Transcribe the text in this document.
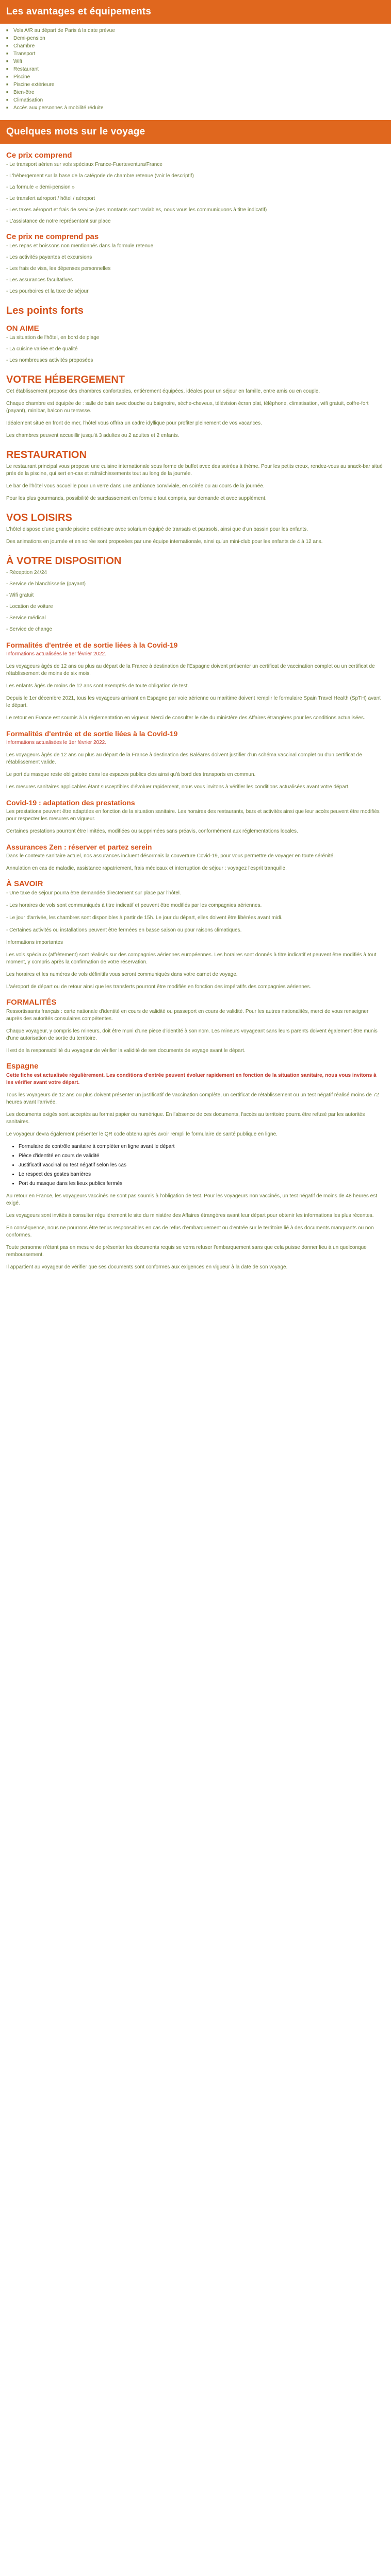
Les avantages et équipements
■ Vols A/R au départ de Paris à la date prévue
■ Demi-pension
■ Chambre
■ Transport
■ Wifi
■ Restaurant
■ Piscine
■ Piscine extérieure
■ Bien-être
■ Climatisation
■ Accès aux personnes à mobilité réduite
Quelques mots sur le voyage
Ce prix comprend

- Le transport aérien sur vols spéciaux France-Fuerteventura/France

- L'hébergement sur la base de la catégorie de chambre retenue (voir le descriptif)

- La formule « demi-pension »

- Le transfert aéroport / hôtel / aéroport

- Les taxes aéroport et frais de service (ces montants sont variables, nous vous les communiquons à titre indicatif)

- L'assistance de notre représentant sur place

Ce prix ne comprend pas

- Les repas et boissons non mentionnés dans la formule retenue

- Les activités payantes et excursions

- Les frais de visa, les dépenses personnelles

- Les assurances facultatives

- Les pourboires et la taxe de séjour

Les points forts
ON AIME

- La situation de l'hôtel, en bord de plage

- La cuisine variée et de qualité

- Les nombreuses activités proposées

VOTRE HÉBERGEMENT

Cet établissement propose des chambres confortables, entièrement équipées, idéales pour un séjour en famille, entre amis ou en couple.

Chaque chambre est équipée de : salle de bain avec douche ou baignoire, sèche-cheveux, télévision écran plat, téléphone, climatisation, wifi gratuit, coffre-fort (payant), minibar, balcon ou terrasse.

Idéalement situé en front de mer, l'hôtel vous offrira un cadre idyllique pour profiter pleinement de vos vacances.

Les chambres peuvent accueillir jusqu'à 3 adultes ou 2 adultes et 2 enfants.

RESTAURATION

Le restaurant principal vous propose une cuisine internationale sous forme de buffet avec des soirées à thème. Pour les petits creux, rendez-vous au snack-bar situé près de la piscine, qui sert en-cas et rafraîchissements tout au long de la journée.

Le bar de l'hôtel vous accueille pour un verre dans une ambiance conviviale, en soirée ou au cours de la journée.

Pour les plus gourmands, possibilité de surclassement en formule tout compris, sur demande et avec supplément.

VOS LOISIRS

L'hôtel dispose d'une grande piscine extérieure avec solarium équipé de transats et parasols, ainsi que d'un bassin pour les enfants.

Des animations en journée et en soirée sont proposées par une équipe internationale, ainsi qu'un mini-club pour les enfants de 4 à 12 ans.

À VOTRE DISPOSITION

- Réception 24/24

- Service de blanchisserie (payant)

- Wifi gratuit

- Location de voiture

- Service médical

- Service de change

Formalités d'entrée et de sortie liées à la Covid-19

Informations actualisées le 1er février 2022.

Les voyageurs âgés de 12 ans ou plus au départ de la France à destination de l'Espagne doivent présenter un certificat de vaccination complet ou un certificat de rétablissement de moins de six mois.

Les enfants âgés de moins de 12 ans sont exemptés de toute obligation de test.

Depuis le 1er décembre 2021, tous les voyageurs arrivant en Espagne par voie aérienne ou maritime doivent remplir le formulaire Spain Travel Health (SpTH) avant le départ.

Le retour en France est soumis à la réglementation en vigueur. Merci de consulter le site du ministère des Affaires étrangères pour les conditions actualisées.

Formalités d'entrée et de sortie liées à la Covid-19

Informations actualisées le 1er février 2022.

Les voyageurs âgés de 12 ans ou plus au départ de la France à destination des Baléares doivent justifier d'un schéma vaccinal complet ou d'un certificat de rétablissement valide.

Le port du masque reste obligatoire dans les espaces publics clos ainsi qu'à bord des transports en commun.

Les mesures sanitaires applicables étant susceptibles d'évoluer rapidement, nous vous invitons à vérifier les conditions actualisées avant votre départ.

Covid-19 : adaptation des prestations

Les prestations peuvent être adaptées en fonction de la situation sanitaire. Les horaires des restaurants, bars et activités ainsi que leur accès peuvent être modifiés pour respecter les mesures en vigueur.

Certaines prestations pourront être limitées, modifiées ou supprimées sans préavis, conformément aux réglementations locales.

Assurances Zen : réserver et partez serein

Dans le contexte sanitaire actuel, nos assurances incluent désormais la couverture Covid-19, pour vous permettre de voyager en toute sérénité.

Annulation en cas de maladie, assistance rapatriement, frais médicaux et interruption de séjour : voyagez l'esprit tranquille.

À SAVOIR

- Une taxe de séjour pourra être demandée directement sur place par l'hôtel.

- Les horaires de vols sont communiqués à titre indicatif et peuvent être modifiés par les compagnies aériennes.

- Le jour d'arrivée, les chambres sont disponibles à partir de 15h. Le jour du départ, elles doivent être libérées avant midi.

- Certaines activités ou installations peuvent être fermées en basse saison ou pour raisons climatiques.

Informations importantes

Les vols spéciaux (affrètement) sont réalisés sur des compagnies aériennes européennes. Les horaires sont donnés à titre indicatif et peuvent être modifiés à tout moment, y compris après la confirmation de votre réservation.

Les horaires et les numéros de vols définitifs vous seront communiqués dans votre carnet de voyage.

L'aéroport de départ ou de retour ainsi que les transferts pourront être modifiés en fonction des impératifs des compagnies aériennes.

FORMALITÉS

Ressortissants français : carte nationale d'identité en cours de validité ou passeport en cours de validité. Pour les autres nationalités, merci de vous renseigner auprès des autorités consulaires compétentes.

Chaque voyageur, y compris les mineurs, doit être muni d'une pièce d'identité à son nom. Les mineurs voyageant sans leurs parents doivent également être munis d'une autorisation de sortie du territoire.

Il est de la responsabilité du voyageur de vérifier la validité de ses documents de voyage avant le départ.

Espagne

Cette fiche est actualisée régulièrement. Les conditions d'entrée peuvent évoluer rapidement en fonction de la situation sanitaire, nous vous invitons à les vérifier avant votre départ.

Tous les voyageurs de 12 ans ou plus doivent présenter un justificatif de vaccination complète, un certificat de rétablissement ou un test négatif réalisé moins de 72 heures avant l'arrivée.

Les documents exigés sont acceptés au format papier ou numérique. En l'absence de ces documents, l'accès au territoire pourra être refusé par les autorités sanitaires.

Le voyageur devra également présenter le QR code obtenu après avoir rempli le formulaire de santé publique en ligne.

• Formulaire de contrôle sanitaire à compléter en ligne avant le départ
• Pièce d'identité en cours de validité
• Justificatif vaccinal ou test négatif selon les cas
• Le respect des gestes barrières
• Port du masque dans les lieux publics fermés

Au retour en France, les voyageurs vaccinés ne sont pas soumis à l'obligation de test. Pour les voyageurs non vaccinés, un test négatif de moins de 48 heures est exigé.

Les voyageurs sont invités à consulter régulièrement le site du ministère des Affaires étrangères avant leur départ pour obtenir les informations les plus récentes.

En conséquence, nous ne pourrons être tenus responsables en cas de refus d'embarquement ou d'entrée sur le territoire lié à des documents manquants ou non conformes.

Toute personne n'étant pas en mesure de présenter les documents requis se verra refuser l'embarquement sans que cela puisse donner lieu à un quelconque remboursement.

Il appartient au voyageur de vérifier que ses documents sont conformes aux exigences en vigueur à la date de son voyage.
